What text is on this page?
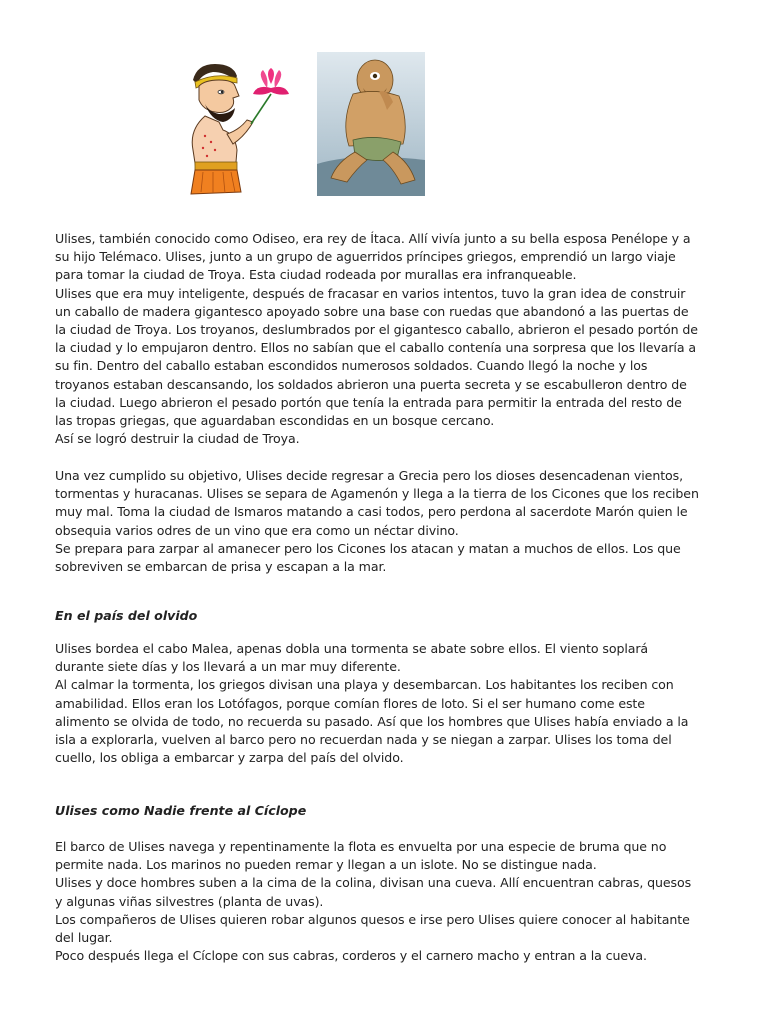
Ulises, también conocido como Odiseo, era rey de Ítaca. Allí vivía junto a su bella esposa Penélope y a su hijo Telémaco. Ulises, junto a un grupo de aguerridos príncipes griegos, emprendió un largo viaje para tomar la ciudad de Troya. Esta ciudad rodeada por murallas era infranqueable.

Ulises que era muy inteligente, después de fracasar en varios intentos, tuvo la gran idea de construir un caballo de madera gigantesco apoyado sobre una base con ruedas que abandonó a las puertas de la ciudad de Troya. Los troyanos, deslumbrados por el gigantesco caballo, abrieron el pesado portón de la ciudad y lo empujaron dentro. Ellos no sabían que el caballo contenía una sorpresa que los llevaría a su fin. Dentro del caballo estaban escondidos numerosos soldados. Cuando llegó la noche y los troyanos estaban descansando, los soldados abrieron una puerta secreta y se escabulleron dentro de la ciudad. Luego abrieron el pesado portón que tenía la entrada para permitir la entrada del resto de las tropas griegas, que aguardaban escondidas en un bosque cercano.

Así se logró destruir la ciudad de Troya.

Una vez cumplido su objetivo, Ulises decide regresar a Grecia pero los dioses desencadenan vientos, tormentas y huracanas. Ulises se separa de Agamenón y llega a la tierra de los Cicones que los reciben muy mal. Toma la ciudad de Ismaros matando a casi todos, pero perdona al sacerdote Marón quien le obsequia varios odres de un vino que era como un néctar divino.

Se prepara para zarpar al amanecer pero los Cicones los atacan y matan a muchos de ellos. Los que sobreviven se embarcan de prisa y escapan a la mar.

En el país del olvido

Ulises bordea el cabo Malea, apenas dobla una tormenta se abate sobre ellos. El viento soplará durante siete días y los llevará a un mar muy diferente.

Al calmar la tormenta, los griegos divisan una playa y desembarcan. Los habitantes los reciben con amabilidad. Ellos eran los Lotófagos, porque comían flores de loto. Si el ser humano come este alimento se olvida de todo, no recuerda su pasado. Así que los hombres que Ulises había enviado a la isla a explorarla, vuelven al barco pero no recuerdan nada y se niegan a zarpar. Ulises los toma del cuello, los obliga a embarcar y zarpa del país del olvido.

Ulises como Nadie frente al Cíclope

El barco de Ulises navega y repentinamente la flota es envuelta por una especie de bruma que no permite nada. Los marinos no pueden remar y llegan a un islote. No se distingue nada.

Ulises y doce hombres suben a la cima de la colina, divisan una cueva. Allí encuentran cabras, quesos y algunas viñas silvestres (planta de uvas).

Los compañeros de Ulises quieren robar algunos quesos e irse pero Ulises quiere conocer al habitante del lugar.

Poco después llega el Cíclope con sus cabras, corderos y el carnero macho y entran a la cueva.
